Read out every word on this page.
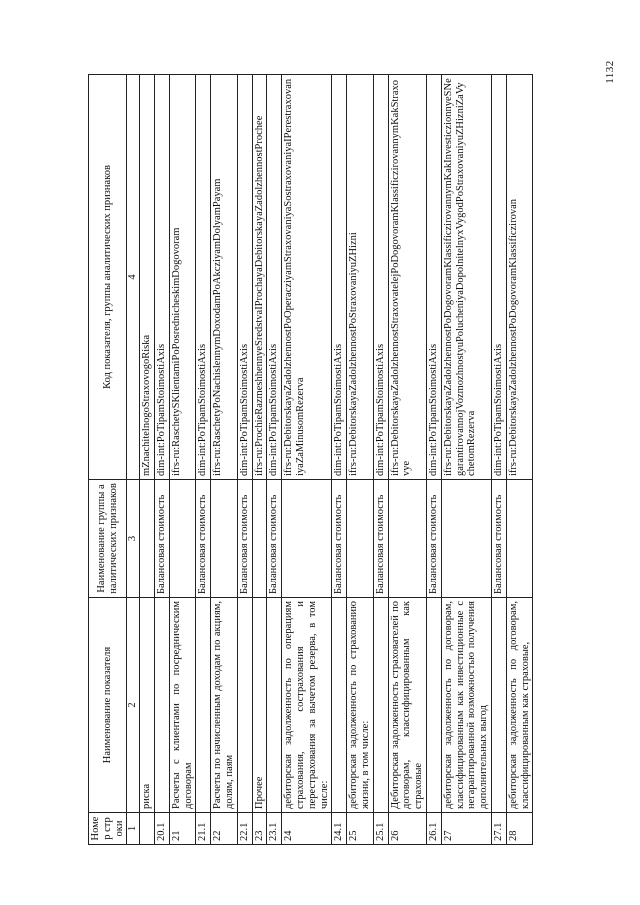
1132
Номер строки	Наименование показателя	Наименование группы аналитических признаков	Код показателя, группы аналитических признаков
1	2	3	4
	риска		mZnachitelnogoStraxovogoRiska
20.1		Балансовая стоимость	dim-int:PoTipamStoimostiAxis
21	Расчеты с клиентами по посредническим договорам		ifrs-ru:RaschetySKlientamiPoPosrednicheskimDogovoram
21.1		Балансовая стоимость	dim-int:PoTipamStoimostiAxis
22	Расчеты по начисленным доходам по акциям, долям, паям		ifrs-ru:RaschetyPoNachislennymDoxodamPoAkcziyamDolyamPayam
22.1		Балансовая стоимость	dim-int:PoTipamStoimostiAxis
23	Прочее		ifrs-ru:ProchieRazmeshhennyeSredstvaIProchayaDebitorskayaZadolzhennostProchee
23.1		Балансовая стоимость	dim-int:PoTipamStoimostiAxis
24	дебиторская задолженность по операциям страхования, сострахования и перестрахования за вычетом резерва, в том числе:		ifrs-ru:DebitorskayaZadolzhennostPoOperacziyamStraxovaniyaSostraxovaniyaIPerestraxovaniyaZaMinusomRezerva
24.1		Балансовая стоимость	dim-int:PoTipamStoimostiAxis
25	дебиторская задолженность по страхованию жизни, в том числе:		ifrs-ru:DebitorskayaZadolzhennostPoStraxovaniyuZHizni
25.1		Балансовая стоимость	dim-int:PoTipamStoimostiAxis
26	Дебиторская задолженность страхователей по договорам, классифицированным как страховые		ifrs-ru:DebitorskayaZadolzhennostStraxovatelejPoDogovoramKlassificzirovannymKakStraxovye
26.1		Балансовая стоимость	dim-int:PoTipamStoimostiAxis
27	дебиторская задолженность по договорам, классифицированным как инвестиционные с негарантированной возможностью получения дополнительных выгод		ifrs-ru:DebitorskayaZadolzhennostPoDogovoramKlassificzirovannymKakInvesticzionnyeSNegarantirovannojVozmozhnostyuPolucheniyaDopolnitelnyxVygodPoStraxovaniyuZHizniZaVychetomRezerva
27.1		Балансовая стоимость	dim-int:PoTipamStoimostiAxis
28	дебиторская задолженность по договорам, классифицированным как страховые,		ifrs-ru:DebitorskayaZadolzhennostPoDogovoramKlassificzirovan
